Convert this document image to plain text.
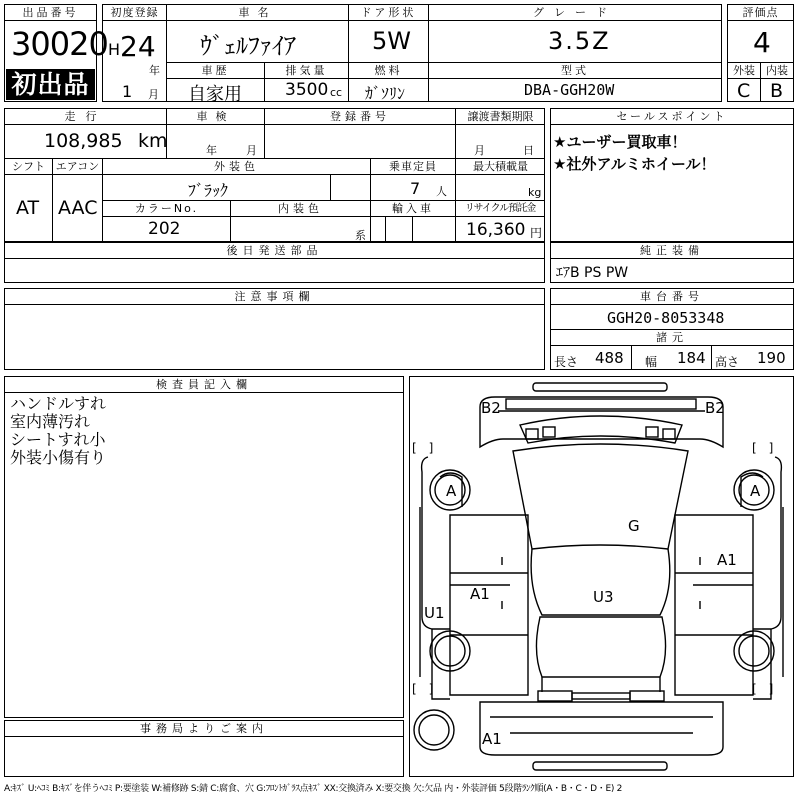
出品番号
30020
初出品
初度登録
H 24
年
1 月
車名
ｳﾞｪﾙﾌｧｲｱ
ドア形状
5W
グレード
3.5Z
車歴
自家用
排気量
3500 cc
燃料
ｶﾞｿﾘﾝ
型式
DBA-GGH20W
評価点
4
外装	内装
C B
走行
108,985 km
車検
年	月
登録番号	譲渡書類期限
月	日
シフト
AT
エアコン
AAC
外装色
ﾌﾞﾗｯｸ
乗車定員
7 人
最大積載量
kg
カラーNo.
202
内装色
系
輸入車	リサイクル預託金
16,360 円
後日発送部品
セールスポイント
★ユーザー買取車！
★社外アルミホイール！
純正装備
ｴｱB PS PW
注意事項欄	車台番号
GGH20-8053348
諸元
長さ 488 幅 184 高さ 190
検査員記入欄
ハンドルすれ
室内薄汚れ
シートすれ小
外装小傷有り
事務局よりご案内
[　]	[　]
[　]	[　]
B2	B2
A	A
G
A1
A1	U3
U1
A1
A:ｷｽﾞ U:ﾍｺﾐ B:ｷｽﾞを伴うﾍｺﾐ P:要塗装 W:補修跡 S:錆 C:腐食、穴 G:ﾌﾛﾝﾄｶﾞﾗｽ点ｷｽﾞ XX:交換済み X:要交換 欠:欠品 内・外装評価 5段階ﾗﾝｸ順(A・B・C・D・E) 2
